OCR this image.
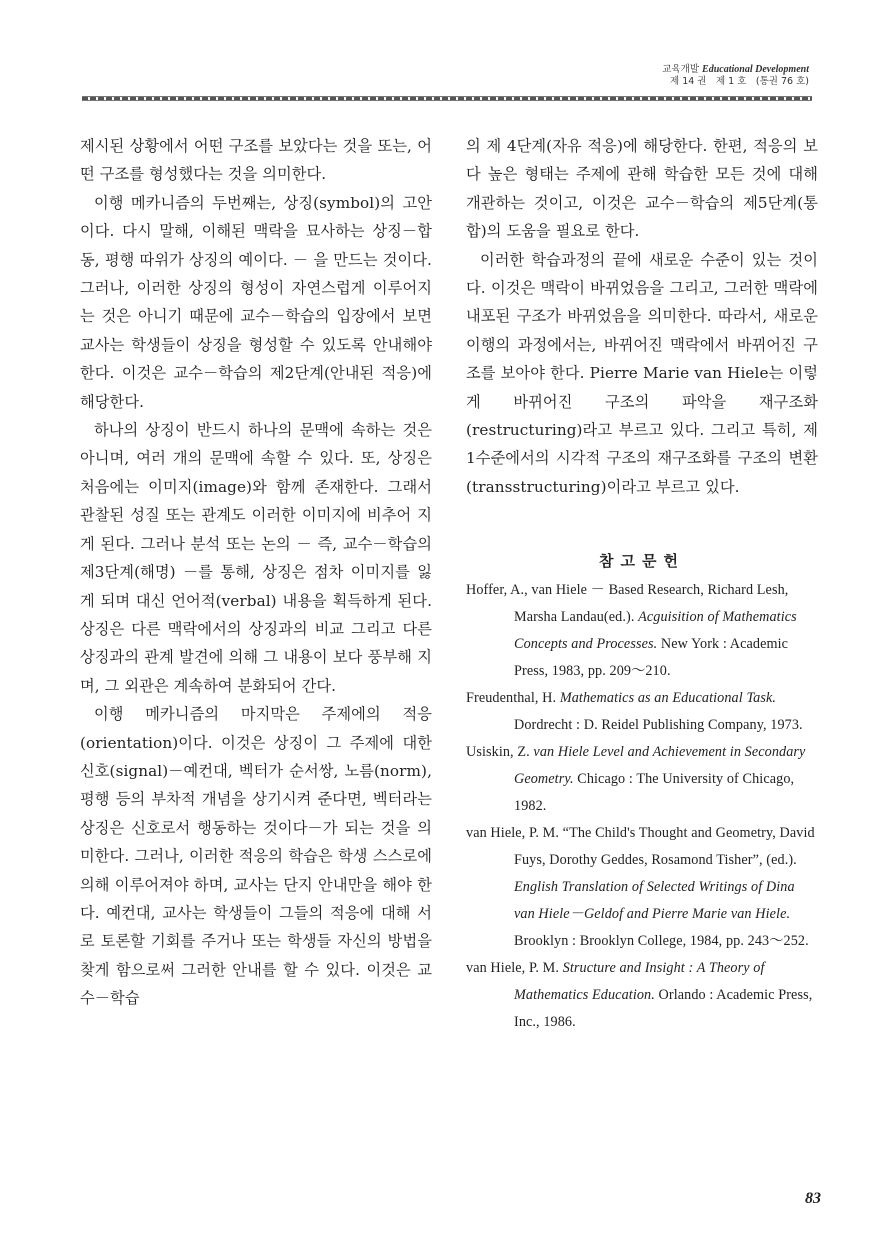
교육개발 Educational Development
제 14 권　제 1 호　(통권 76 호)

제시된 상황에서 어떤 구조를 보았다는 것을 또는, 어떤 구조를 형성했다는 것을 의미한다.

이행 메카니즘의 두번째는, 상징(symbol)의 고안이다. 다시 말해, 이해된 맥락을 묘사하는 상징－합동, 평행 따위가 상징의 예이다. － 을 만드는 것이다. 그러나, 이러한 상징의 형성이 자연스럽게 이루어지는 것은 아니기 때문에 교수－학습의 입장에서 보면 교사는 학생들이 상징을 형성할 수 있도록 안내해야 한다. 이것은 교수－학습의 제2단계(안내된 적응)에 해당한다.

하나의 상징이 반드시 하나의 문맥에 속하는 것은 아니며, 여러 개의 문맥에 속할 수 있다. 또, 상징은 처음에는 이미지(image)와 함께 존재한다. 그래서 관찰된 성질 또는 관계도 이러한 이미지에 비추어 지게 된다. 그러나 분석 또는 논의 － 즉, 교수－학습의 제3단계(해명) －를 통해, 상징은 점차 이미지를 잃게 되며 대신 언어적(verbal) 내용을 획득하게 된다. 상징은 다른 맥락에서의 상징과의 비교 그리고 다른 상징과의 관계 발견에 의해 그 내용이 보다 풍부해 지며, 그 외관은 계속하여 분화되어 간다.

이행 메카니즘의 마지막은 주제에의 적응(orientation)이다. 이것은 상징이 그 주제에 대한 신호(signal)－예컨대, 벡터가 순서쌍, 노름(norm), 평행 등의 부차적 개념을 상기시켜 준다면, 벡터라는 상징은 신호로서 행동하는 것이다－가 되는 것을 의미한다. 그러나, 이러한 적응의 학습은 학생 스스로에 의해 이루어져야 하며, 교사는 단지 안내만을 해야 한다. 예컨대, 교사는 학생들이 그들의 적응에 대해 서로 토론할 기회를 주거나 또는 학생들 자신의 방법을 찾게 함으로써 그러한 안내를 할 수 있다. 이것은 교수－학습

의 제 4단계(자유 적응)에 해당한다. 한편, 적응의 보다 높은 형태는 주제에 관해 학습한 모든 것에 대해 개관하는 것이고, 이것은 교수－학습의 제5단계(통합)의 도움을 필요로 한다.

이러한 학습과정의 끝에 새로운 수준이 있는 것이다. 이것은 맥락이 바뀌었음을 그리고, 그러한 맥락에 내포된 구조가 바뀌었음을 의미한다. 따라서, 새로운 이행의 과정에서는, 바뀌어진 맥락에서 바뀌어진 구조를 보아야 한다. Pierre Marie van Hiele는 이렇게 바뀌어진 구조의 파악을 재구조화(restructuring)라고 부르고 있다. 그리고 특히, 제1수준에서의 시각적 구조의 재구조화를 구조의 변환(transstructuring)이라고 부르고 있다.

참고문헌
Hoffer, A., van Hiele － Based Research, Richard Lesh, Marsha Landau(ed.). Acguisition of Mathematics Concepts and Processes. New York : Academic Press, 1983, pp. 209～210.
Freudenthal, H. Mathematics as an Educational Task. Dordrecht : D. Reidel Publishing Company, 1973.
Usiskin, Z. van Hiele Level and Achievement in Secondary Geometry. Chicago : The University of Chicago, 1982.
van Hiele, P. M. “The Child's Thought and Geometry, David Fuys, Dorothy Geddes, Rosamond Tisher”, (ed.). English Translation of Selected Writings of Dina van Hiele－Geldof and Pierre Marie van Hiele. Brooklyn : Brooklyn College, 1984, pp. 243～252.
van Hiele, P. M. Structure and Insight : A Theory of Mathematics Education. Orlando : Academic Press, Inc., 1986.
83
